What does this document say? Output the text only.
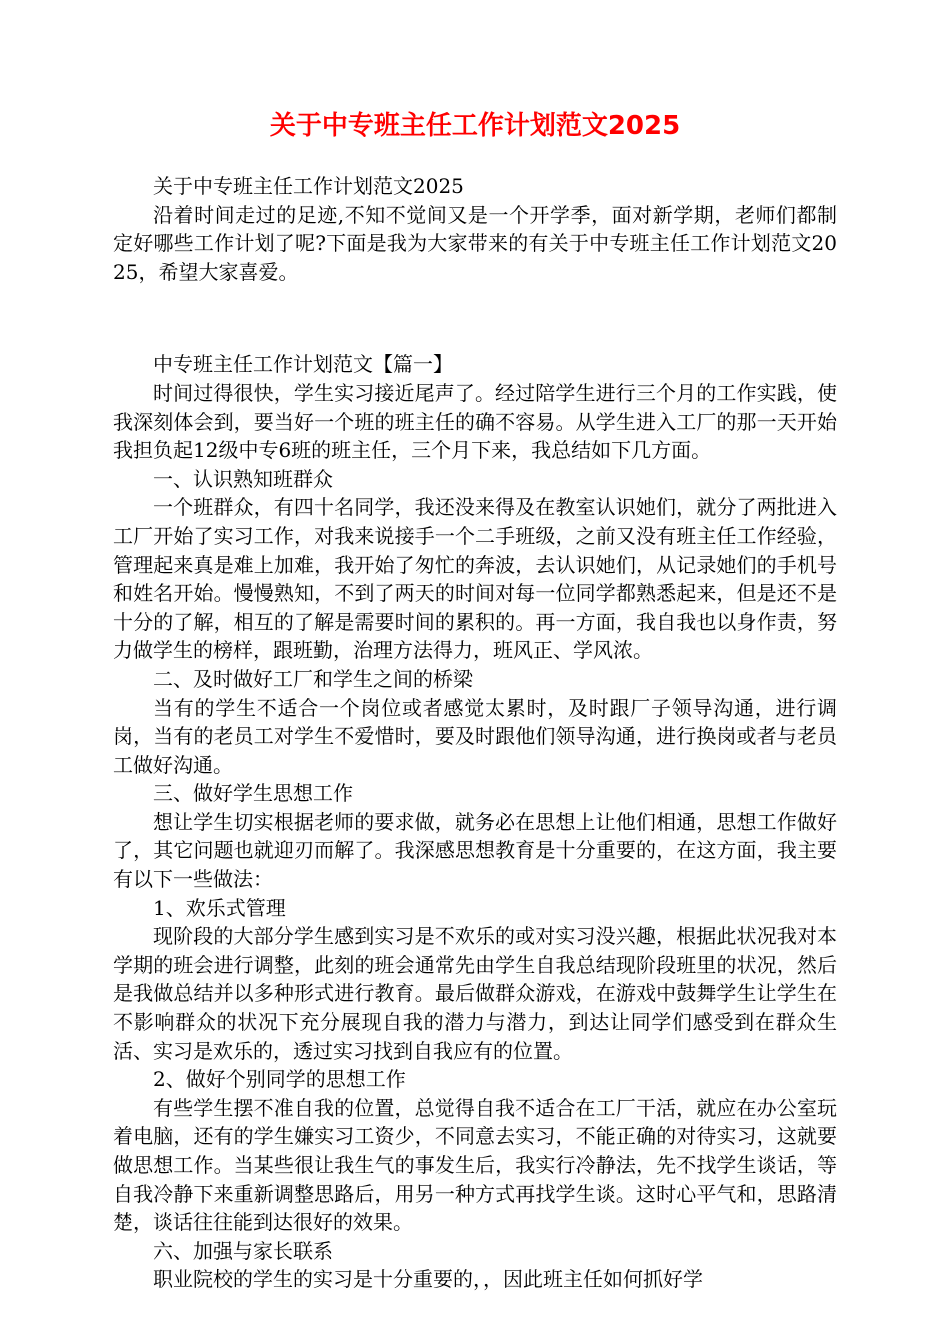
关于中专班主任工作计划范文2025

关于中专班主任工作计划范文2025

沿着时间走过的足迹,不知不觉间又是一个开学季，面对新学期，老师们都制定好哪些工作计划了呢?下面是我为大家带来的有关于中专班主任工作计划范文2025，希望大家喜爱。

中专班主任工作计划范文【篇一】

时间过得很快，学生实习接近尾声了。经过陪学生进行三个月的工作实践，使我深刻体会到，要当好一个班的班主任的确不容易。从学生进入工厂的那一天开始我担负起12级中专6班的班主任，三个月下来，我总结如下几方面。

一、认识熟知班群众

一个班群众，有四十名同学，我还没来得及在教室认识她们，就分了两批进入工厂开始了实习工作，对我来说接手一个二手班级，之前又没有班主任工作经验，管理起来真是难上加难，我开始了匆忙的奔波，去认识她们，从记录她们的手机号和姓名开始。慢慢熟知，不到了两天的时间对每一位同学都熟悉起来，但是还不是十分的了解，相互的了解是需要时间的累积的。再一方面，我自我也以身作责，努力做学生的榜样，跟班勤，治理方法得力，班风正、学风浓。

二、及时做好工厂和学生之间的桥梁

当有的学生不适合一个岗位或者感觉太累时，及时跟厂子领导沟通，进行调岗，当有的老员工对学生不爱惜时，要及时跟他们领导沟通，进行换岗或者与老员工做好沟通。

三、做好学生思想工作

想让学生切实根据老师的要求做，就务必在思想上让他们相通，思想工作做好了，其它问题也就迎刃而解了。我深感思想教育是十分重要的，在这方面，我主要有以下一些做法：

1、欢乐式管理

现阶段的大部分学生感到实习是不欢乐的或对实习没兴趣，根据此状况我对本学期的班会进行调整，此刻的班会通常先由学生自我总结现阶段班里的状况，然后是我做总结并以多种形式进行教育。最后做群众游戏，在游戏中鼓舞学生让学生在不影响群众的状况下充分展现自我的潜力与潜力，到达让同学们感受到在群众生活、实习是欢乐的，透过实习找到自我应有的位置。

2、做好个别同学的思想工作

有些学生摆不准自我的位置，总觉得自我不适合在工厂干活，就应在办公室玩着电脑，还有的学生嫌实习工资少，不同意去实习，不能正确的对待实习，这就要做思想工作。当某些很让我生气的事发生后，我实行冷静法，先不找学生谈话，等自我冷静下来重新调整思路后，用另一种方式再找学生谈。这时心平气和，思路清楚，谈话往往能到达很好的效果。

六、加强与家长联系

职业院校的学生的实习是十分重要的，，因此班主任如何抓好学
